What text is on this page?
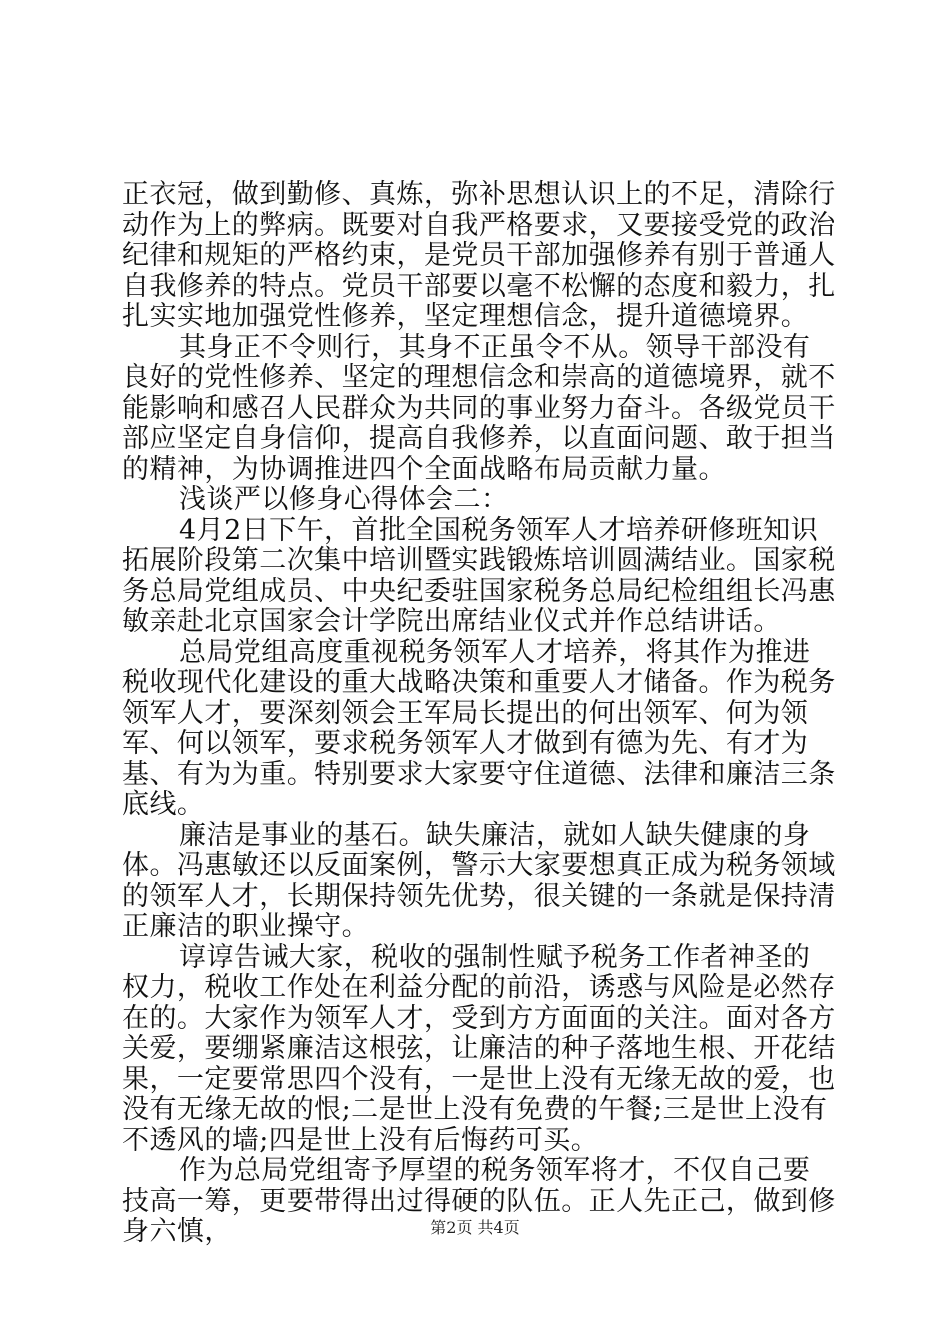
正衣冠，做到勤修、真炼，弥补思想认识上的不足，清除行动作为上的弊病。既要对自我严格要求，又要接受党的政治纪律和规矩的严格约束，是党员干部加强修养有别于普通人自我修养的特点。党员干部要以毫不松懈的态度和毅力，扎扎实实地加强党性修养，坚定理想信念，提升道德境界。

其身正不令则行，其身不正虽令不从。领导干部没有良好的党性修养、坚定的理想信念和崇高的道德境界，就不能影响和感召人民群众为共同的事业努力奋斗。各级党员干部应坚定自身信仰，提高自我修养，以直面问题、敢于担当的精神，为协调推进四个全面战略布局贡献力量。

浅谈严以修身心得体会二：

4月2日下午，首批全国税务领军人才培养研修班知识拓展阶段第二次集中培训暨实践锻炼培训圆满结业。国家税务总局党组成员、中央纪委驻国家税务总局纪检组组长冯惠敏亲赴北京国家会计学院出席结业仪式并作总结讲话。

总局党组高度重视税务领军人才培养，将其作为推进税收现代化建设的重大战略决策和重要人才储备。作为税务领军人才，要深刻领会王军局长提出的何出领军、何为领军、何以领军，要求税务领军人才做到有德为先、有才为基、有为为重。特别要求大家要守住道德、法律和廉洁三条底线。

廉洁是事业的基石。缺失廉洁，就如人缺失健康的身体。冯惠敏还以反面案例，警示大家要想真正成为税务领域的领军人才，长期保持领先优势，很关键的一条就是保持清正廉洁的职业操守。

谆谆告诫大家，税收的强制性赋予税务工作者神圣的权力，税收工作处在利益分配的前沿，诱惑与风险是必然存在的。大家作为领军人才，受到方方面面的关注。面对各方关爱，要绷紧廉洁这根弦，让廉洁的种子落地生根、开花结果，一定要常思四个没有，一是世上没有无缘无故的爱，也没有无缘无故的恨;二是世上没有免费的午餐;三是世上没有不透风的墙;四是世上没有后悔药可买。

作为总局党组寄予厚望的税务领军将才，不仅自己要技高一筹，更要带得出过得硬的队伍。正人先正己，做到修身六慎，	第2页 共4页
